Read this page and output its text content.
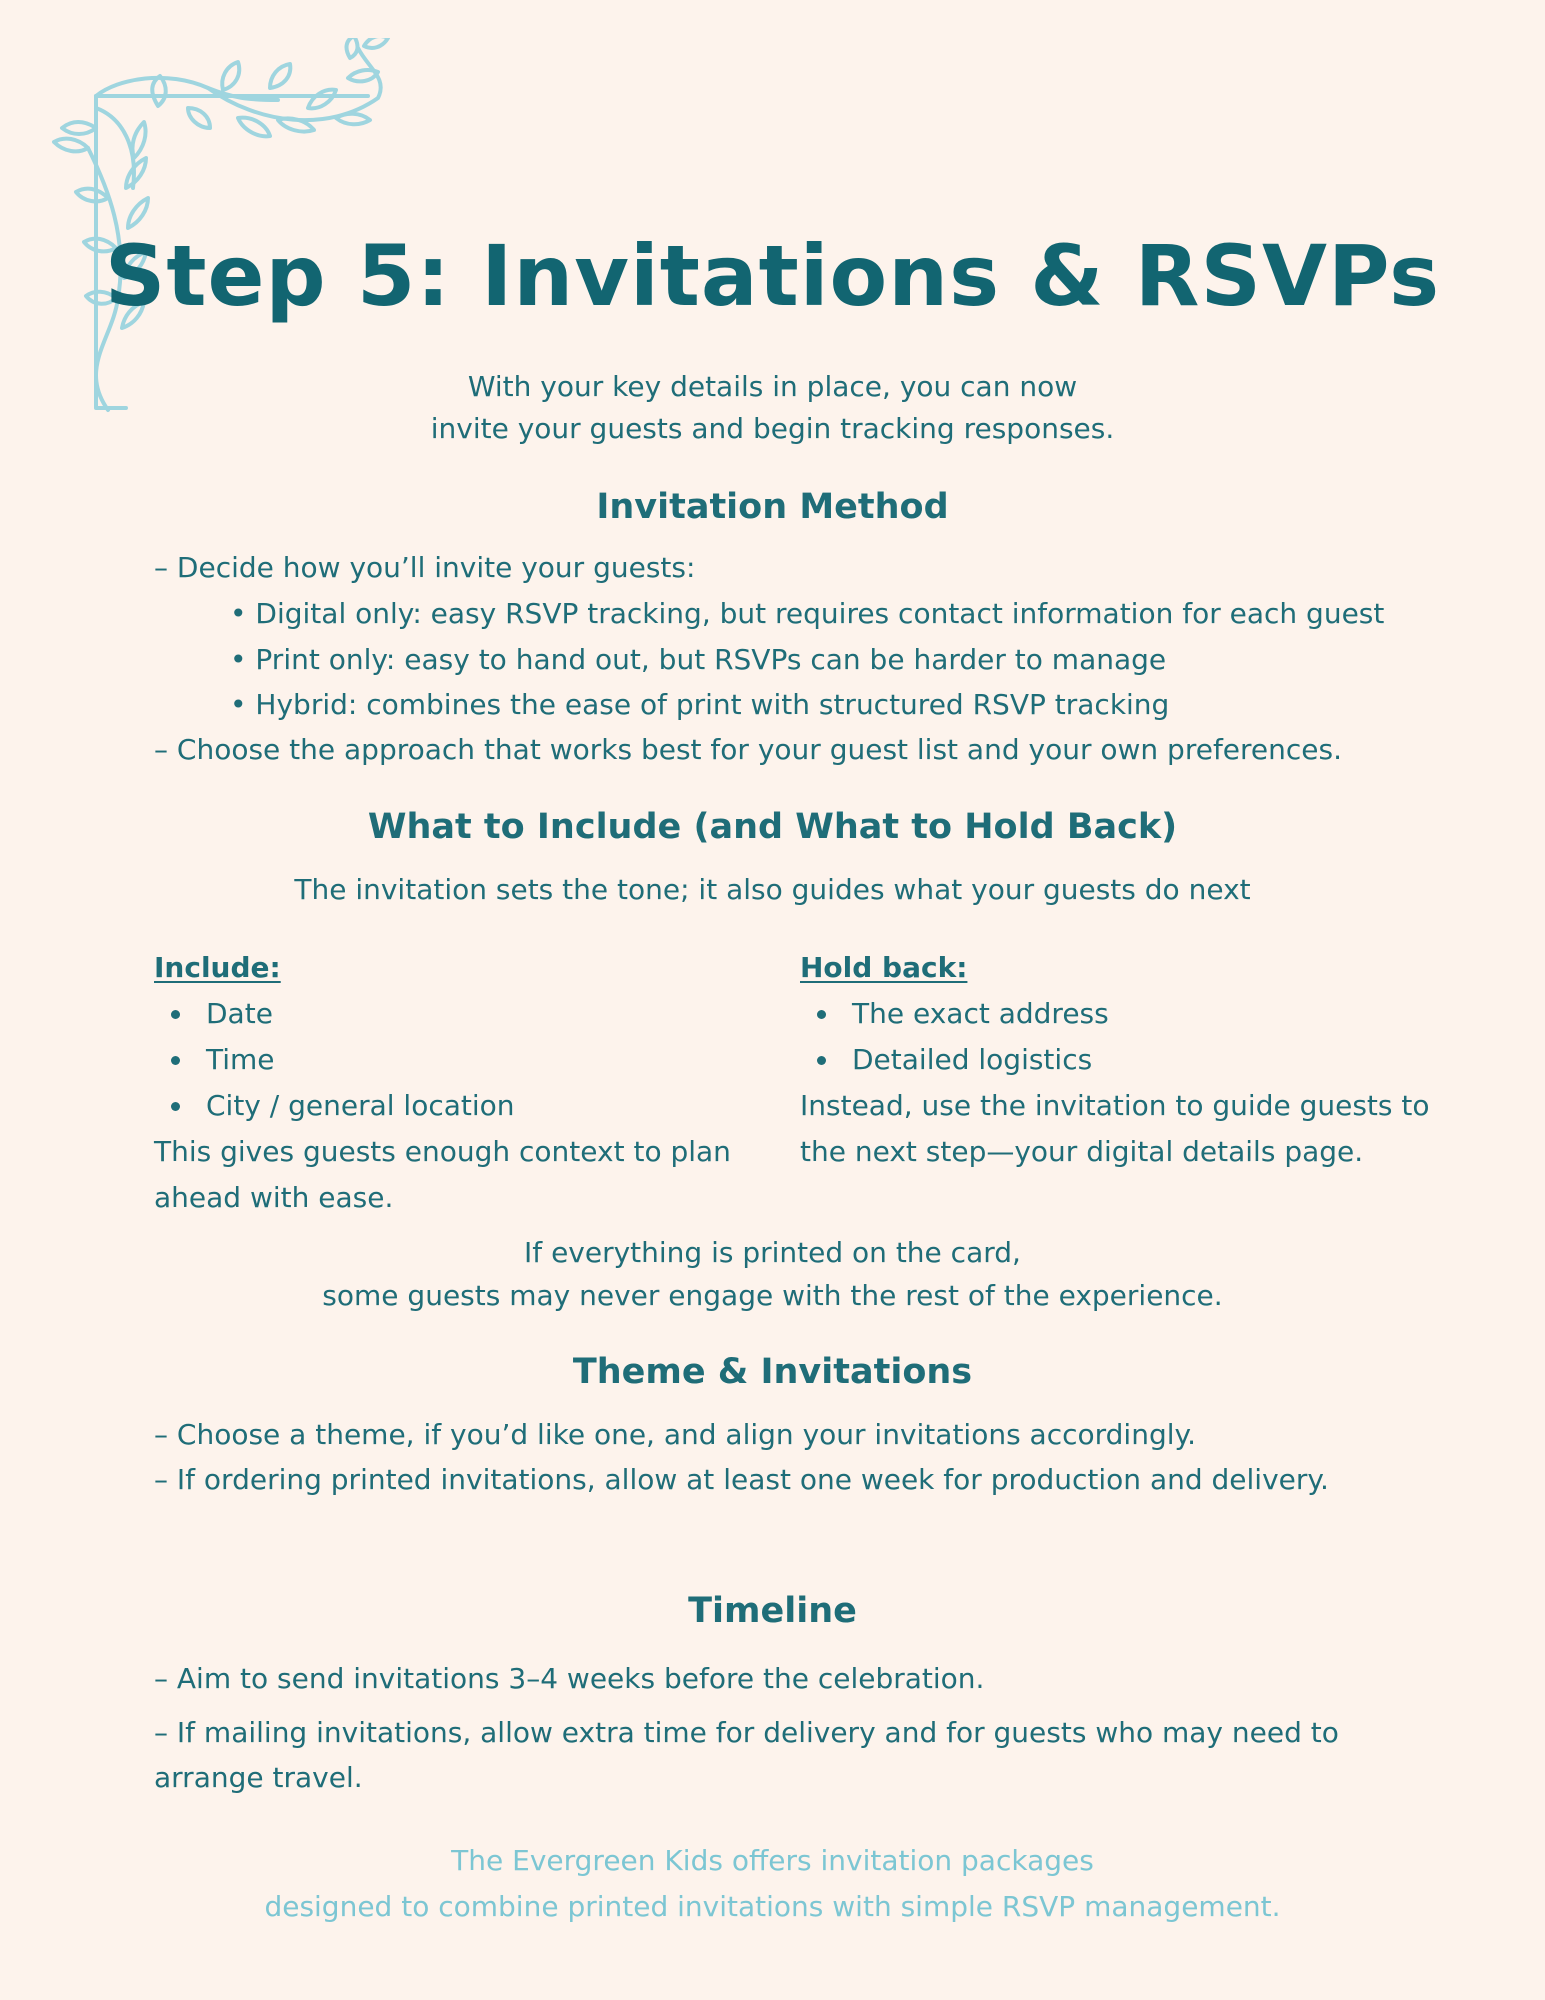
Step 5: Invitations & RSVPs
With your key details in place, you can now
invite your guests and begin tracking responses.
Invitation Method
– Decide how you’ll invite your guests:
• Digital only: easy RSVP tracking, but requires contact information for each guest
• Print only: easy to hand out, but RSVPs can be harder to manage
• Hybrid: combines the ease of print with structured RSVP tracking
– Choose the approach that works best for your guest list and your own preferences.
What to Include (and What to Hold Back)
The invitation sets the tone; it also guides what your guests do next
Include:
Date
Time
City / general location
This gives guests enough context to plan
ahead with ease.
Hold back:
The exact address
Detailed logistics
Instead, use the invitation to guide guests to
the next step—your digital details page.
If everything is printed on the card,
some guests may never engage with the rest of the experience.
Theme & Invitations
– Choose a theme, if you’d like one, and align your invitations accordingly.
– If ordering printed invitations, allow at least one week for production and delivery.
Timeline
– Aim to send invitations 3–4 weeks before the celebration.
– If mailing invitations, allow extra time for delivery and for guests who may need to
arrange travel.
The Evergreen Kids offers invitation packages
designed to combine printed invitations with simple RSVP management.
